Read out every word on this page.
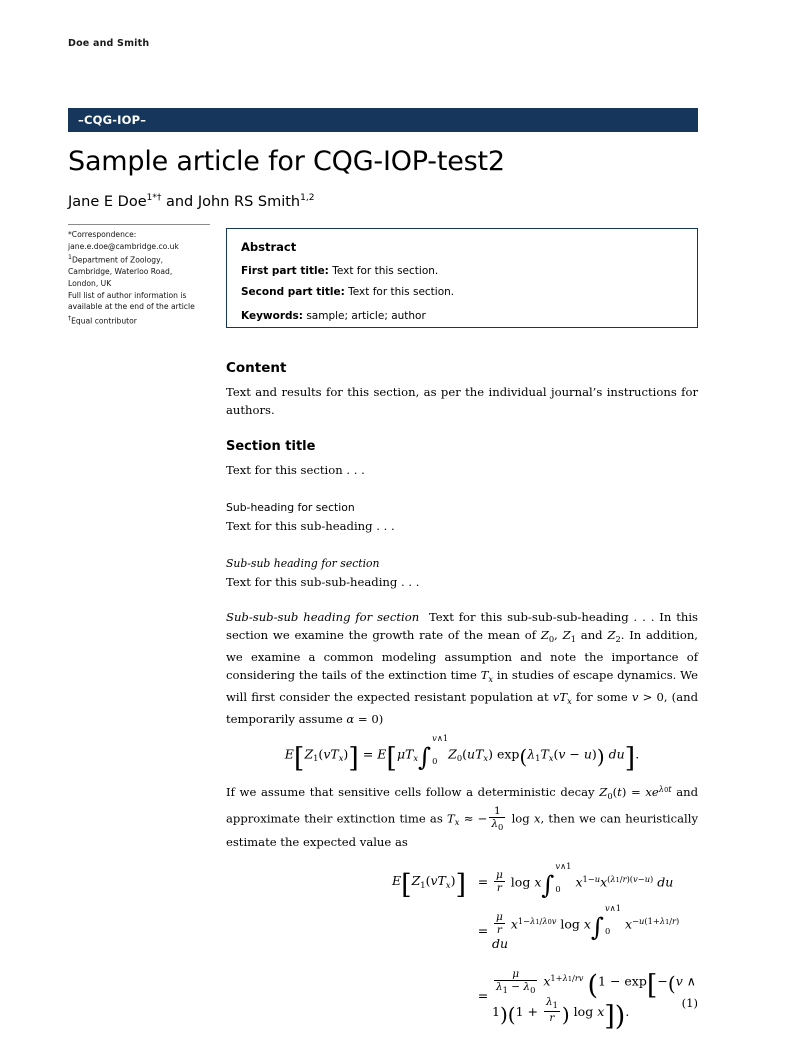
Doe and Smith
–CQG-IOP–
Sample article for CQG-IOP-test2
Jane E Doe$^{1*\dagger}$ and John RS Smith$^{1,2}$
*Correspondence:
jane.e.doe@cambridge.co.uk
$^1$Department of Zoology,
Cambridge, Waterloo Road,
London, UK
Full list of author information is
available at the end of the article
†Equal contributor
Abstract
First part title: Text for this section.
Second part title: Text for this section.
Keywords: sample; article; author
Content

Text and results for this section, as per the individual journal’s instructions for authors.

Section title

Text for this section . . .

Sub-heading for section

Text for this sub-heading . . .

Sub-sub heading for section

Text for this sub-sub-heading . . .

Sub-sub-sub heading for section  Text for this sub-sub-sub-heading . . . In this section we examine the growth rate of the mean of $Z_0$, $Z_1$ and $Z_2$. In addition, we examine a common modeling assumption and note the importance of considering the tails of the extinction time $T_x$ in studies of escape dynamics. We will first consider the expected resistant population at $vT_x$ for some v > 0, (and temporarily assume α = 0)

$E[Z_1(vT_x)] = E[\mu T_x\int$
v∧1
0 $Z_0(uT_x) \exp(\lambda_1T_x(v - u))$ du].

If we assume that sensitive cells follow a deterministic decay $Z_0(t) = xe^{\lambda 0t}$ and approximate their extinction time as $T_x$ ≈ − $\frac{1}{\lambda_0}$ log x, then we can heuristically estimate the expected value as

$E[Z_1(vT_x)] = \frac{\mu}{r}$ log x∫
v∧1
0	$x^{1-u}x^{(\lambda 1/r)(v-u)}$ du
= $\frac{\mu}{r} x^{1-\lambda 1/\lambda 0v}$ log x∫
v∧1
0	$x^{-u(1+\lambda 1/r)}$ du
= $\frac{\mu}{\lambda_1 - \lambda_0} x^{1+\lambda 1/rv}$ (1 − exp[−(v ∧ $1)(1 + \frac{\lambda_1}{r}$ ) log x]).
(1)
